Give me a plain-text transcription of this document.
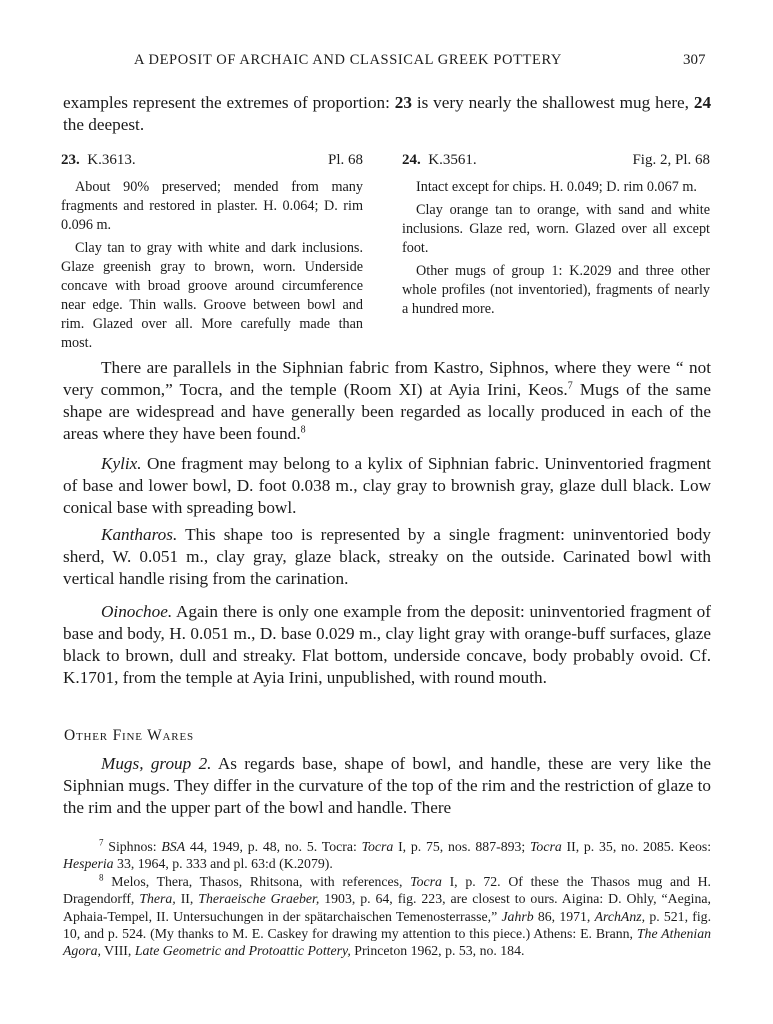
A DEPOSIT OF ARCHAIC AND CLASSICAL GREEK POTTERY	307
examples represent the extremes of proportion: 23 is very nearly the shallowest mug here, 24 the deepest.
23. K.3613.	Pl. 68

About 90% preserved; mended from many fragments and restored in plaster. H. 0.064; D. rim 0.096 m.

Clay tan to gray with white and dark inclusions. Glaze greenish gray to brown, worn. Underside concave with broad groove around circumference near edge. Thin walls. Groove between bowl and rim. Glazed over all. More carefully made than most.

24. K.3561.	Fig. 2, Pl. 68

Intact except for chips. H. 0.049; D. rim 0.067 m.

Clay orange tan to orange, with sand and white inclusions. Glaze red, worn. Glazed over all except foot.

Other mugs of group 1: K.2029 and three other whole profiles (not inventoried), fragments of nearly a hundred more.

There are parallels in the Siphnian fabric from Kastro, Siphnos, where they were “ not very common,” Tocra, and the temple (Room XI) at Ayia Irini, Keos.$^7$ Mugs of the same shape are widespread and have generally been regarded as locally produced in each of the areas where they have been found.$^8$
Kylix. One fragment may belong to a kylix of Siphnian fabric. Uninventoried fragment of base and lower bowl, D. foot 0.038 m., clay gray to brownish gray, glaze dull black. Low conical base with spreading bowl.
Kantharos. This shape too is represented by a single fragment: uninventoried body sherd, W. 0.051 m., clay gray, glaze black, streaky on the outside. Carinated bowl with vertical handle rising from the carination.
Oinochoe. Again there is only one example from the deposit: uninventoried fragment of base and body, H. 0.051 m., D. base 0.029 m., clay light gray with orange-buff surfaces, glaze black to brown, dull and streaky. Flat bottom, underside concave, body probably ovoid. Cf. K.1701, from the temple at Ayia Irini, unpublished, with round mouth.
Other Fine Wares
Mugs, group 2. As regards base, shape of bowl, and handle, these are very like the Siphnian mugs. They differ in the curvature of the top of the rim and the restriction of glaze to the rim and the upper part of the bowl and handle. There

$^7$ Siphnos: BSA 44, 1949, p. 48, no. 5. Tocra: Tocra I, p. 75, nos. 887-893; Tocra II, p. 35, no. 2085. Keos: Hesperia 33, 1964, p. 333 and pl. 63:d (K.2079).

$^8$ Melos, Thera, Thasos, Rhitsona, with references, Tocra I, p. 72. Of these the Thasos mug and H. Dragendorff, Thera, II, Theraeische Graeber, 1903, p. 64, fig. 223, are closest to ours. Aigina: D. Ohly, “Aegina, Aphaia-Tempel, II. Untersuchungen in der spätarchaischen Temenosterrasse,” Jahrb 86, 1971, ArchAnz, p. 521, fig. 10, and p. 524. (My thanks to M. E. Caskey for drawing my attention to this piece.) Athens: E. Brann, The Athenian Agora, VIII, Late Geometric and Protoattic Pottery, Princeton 1962, p. 53, no. 184.
